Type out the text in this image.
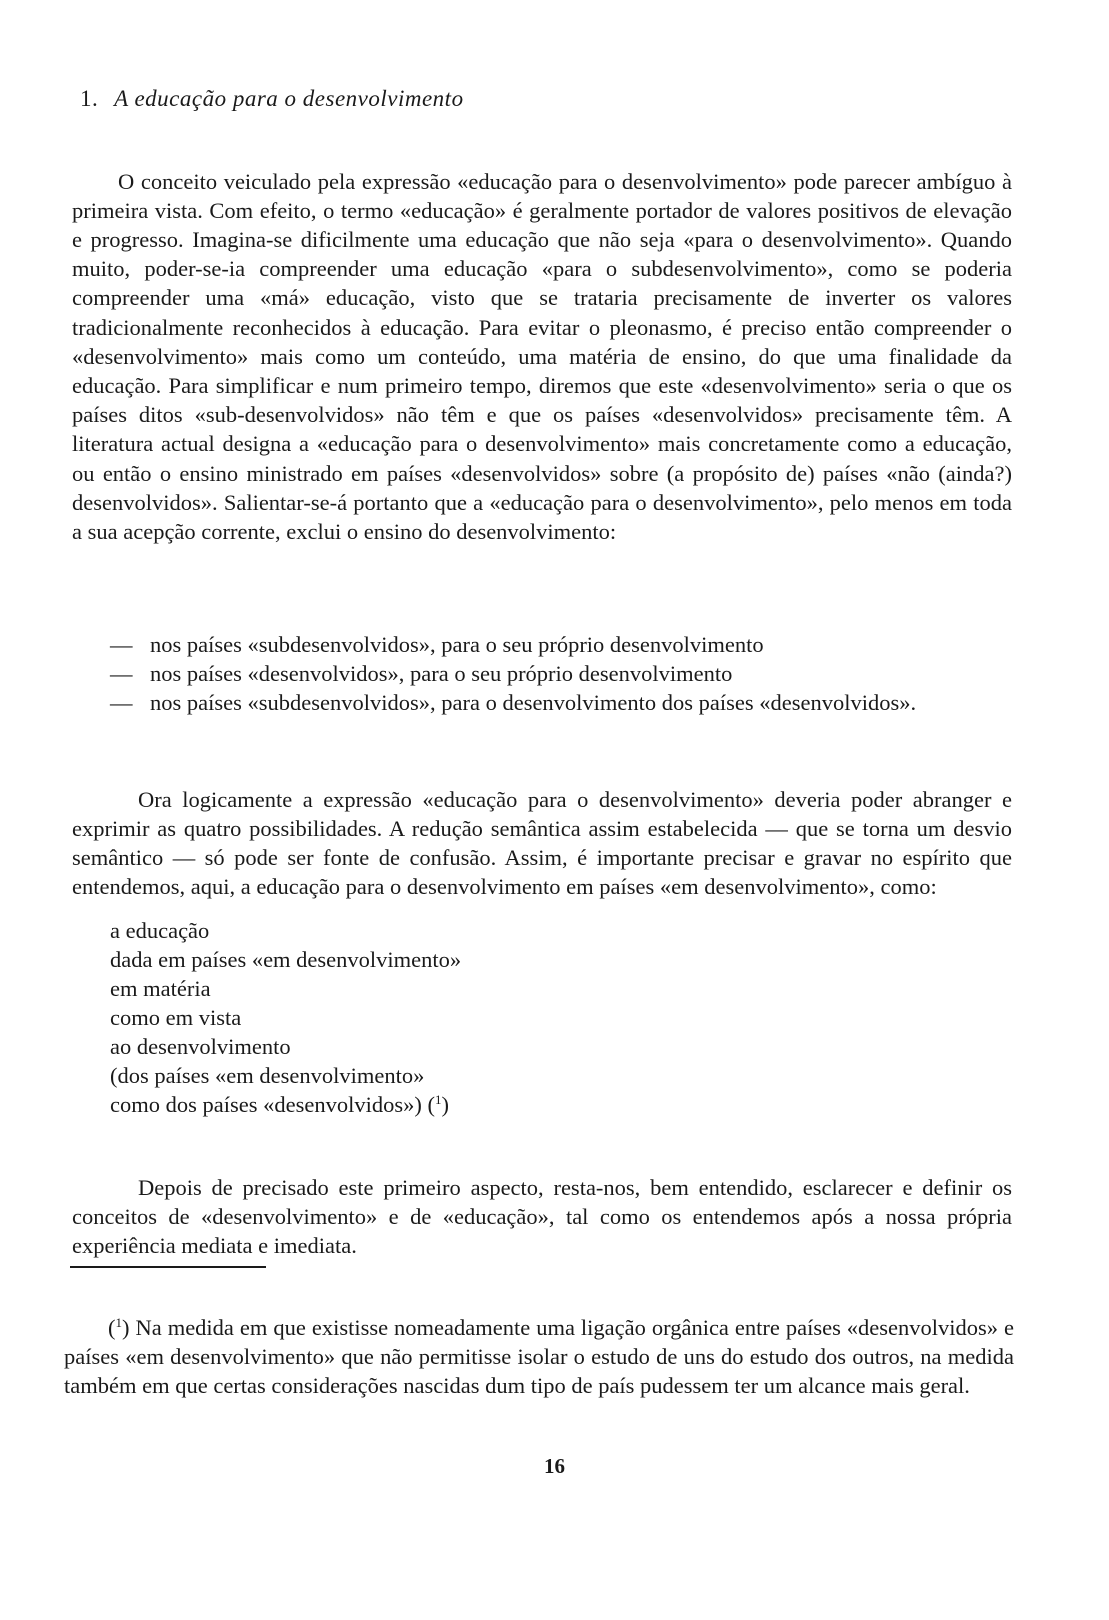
1. A educação para o desenvolvimento

O conceito veiculado pela expressão «educação para o desenvolvimento» pode parecer ambíguo à primeira vista. Com efeito, o termo «educação» é geralmente portador de valores positivos de elevação e progresso. Imagina-se dificilmente uma educação que não seja «para o desenvolvimento». Quando muito, poder-se-ia compreender uma educação «para o subdesenvolvimento», como se poderia compreender uma «má» educação, visto que se trataria precisamente de inverter os valores tradicionalmente reconhecidos à educação. Para evitar o pleonasmo, é preciso então compreender o «desenvolvimento» mais como um conteúdo, uma matéria de ensino, do que uma finalidade da educação. Para simplificar e num primeiro tempo, diremos que este «desenvolvimento» seria o que os países ditos «sub-desenvolvidos» não têm e que os países «desenvolvidos» precisamente têm. A literatura actual designa a «educação para o desenvolvimento» mais concretamente como a educação, ou então o ensino ministrado em países «desenvolvidos» sobre (a propósito de) países «não (ainda?) desenvolvidos». Salientar-se-á portanto que a «educação para o desenvolvimento», pelo menos em toda a sua acepção corrente, exclui o ensino do desenvolvimento:

— nos países «subdesenvolvidos», para o seu próprio desenvolvimento
— nos países «desenvolvidos», para o seu próprio desenvolvimento
— nos países «subdesenvolvidos», para o desenvolvimento dos países «desenvolvidos».

Ora logicamente a expressão «educação para o desenvolvimento» deveria poder abranger e exprimir as quatro possibilidades. A redução semântica assim estabelecida — que se torna um desvio semântico — só pode ser fonte de confusão. Assim, é importante precisar e gravar no espírito que entendemos, aqui, a educação para o desenvolvimento em países «em desenvolvimento», como:

a educação
dada em países «em desenvolvimento»
em matéria
como em vista
ao desenvolvimento
(dos países «em desenvolvimento»
como dos países «desenvolvidos») ($^1$)

Depois de precisado este primeiro aspecto, resta-nos, bem entendido, esclarecer e definir os conceitos de «desenvolvimento» e de «educação», tal como os entendemos após a nossa própria experiência mediata e imediata.

($^1$) Na medida em que existisse nomeadamente uma ligação orgânica entre países «desenvolvidos» e países «em desenvolvimento» que não permitisse isolar o estudo de uns do estudo dos outros, na medida também em que certas considerações nascidas dum tipo de país pudessem ter um alcance mais geral.

16
